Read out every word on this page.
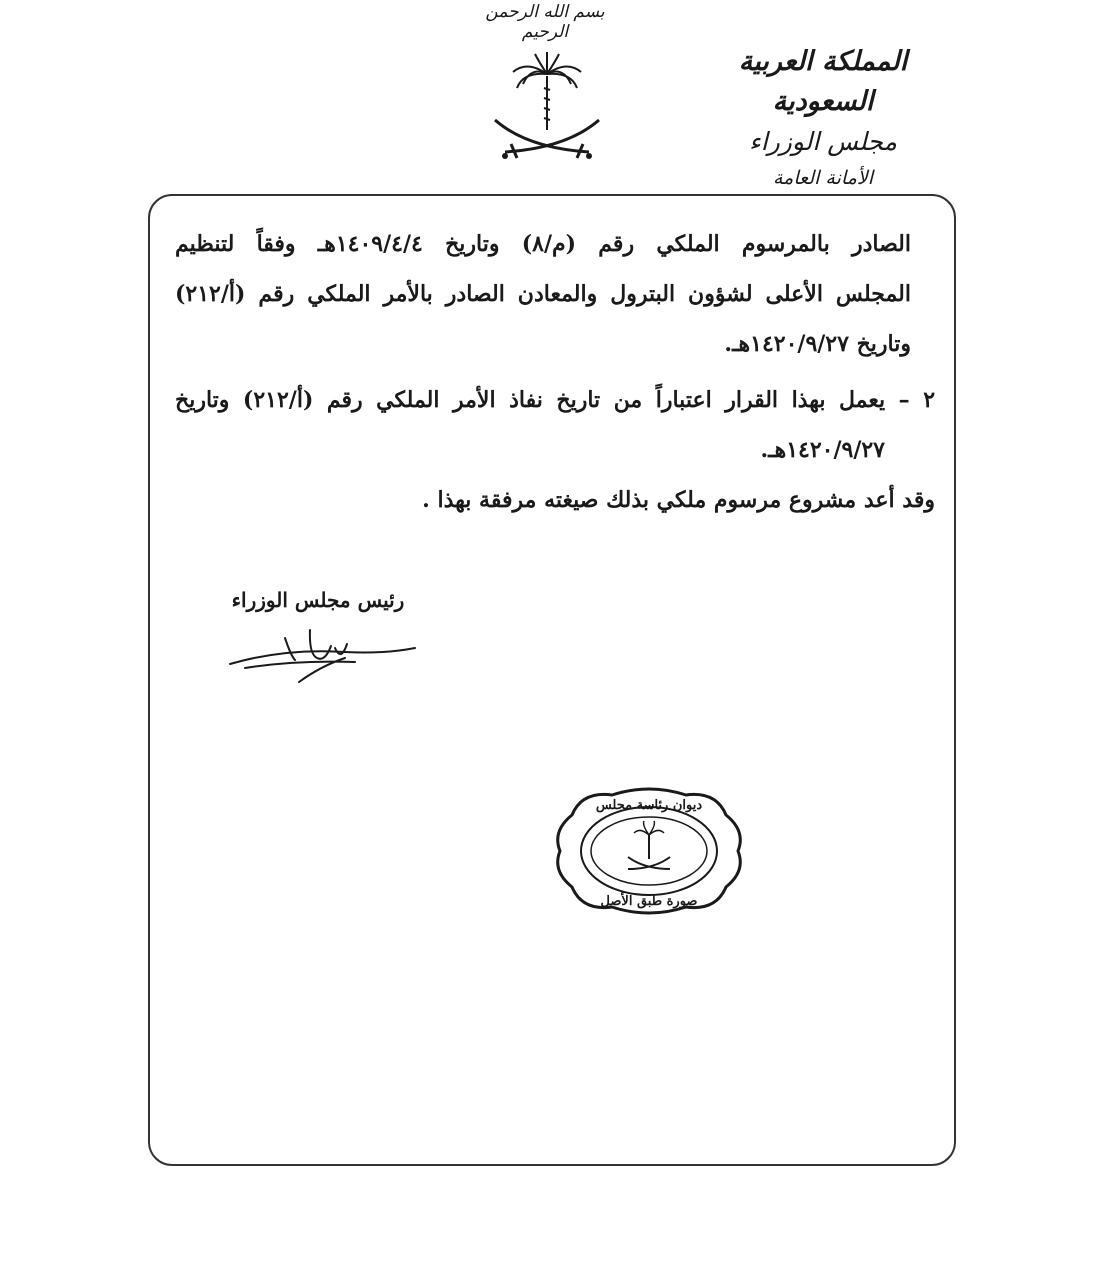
بسم الله الرحمن الرحيم
المملكة العربية السعودية
مجلس الوزراء
الأمانة العامة
الصادر بالمرسوم الملكي رقم (م/٨) وتاريخ ١٤٠٩/٤/٤هـ وفقاً لتنظيم
المجلس الأعلى لشؤون البترول والمعادن الصادر بالأمر الملكي رقم (أ/٢١٢)
وتاريخ ١٤٢٠/٩/٢٧هـ.
٢ – يعمل بهذا القرار اعتباراً من تاريخ نفاذ الأمر الملكي رقم (أ/٢١٢) وتاريخ
١٤٢٠/٩/٢٧هـ.
وقد أعد مشروع مرسوم ملكي بذلك صيغته مرفقة بهذا .
رئيس مجلس الوزراء
ديوان رئاسة مجلس
صورة طبق الأصل
